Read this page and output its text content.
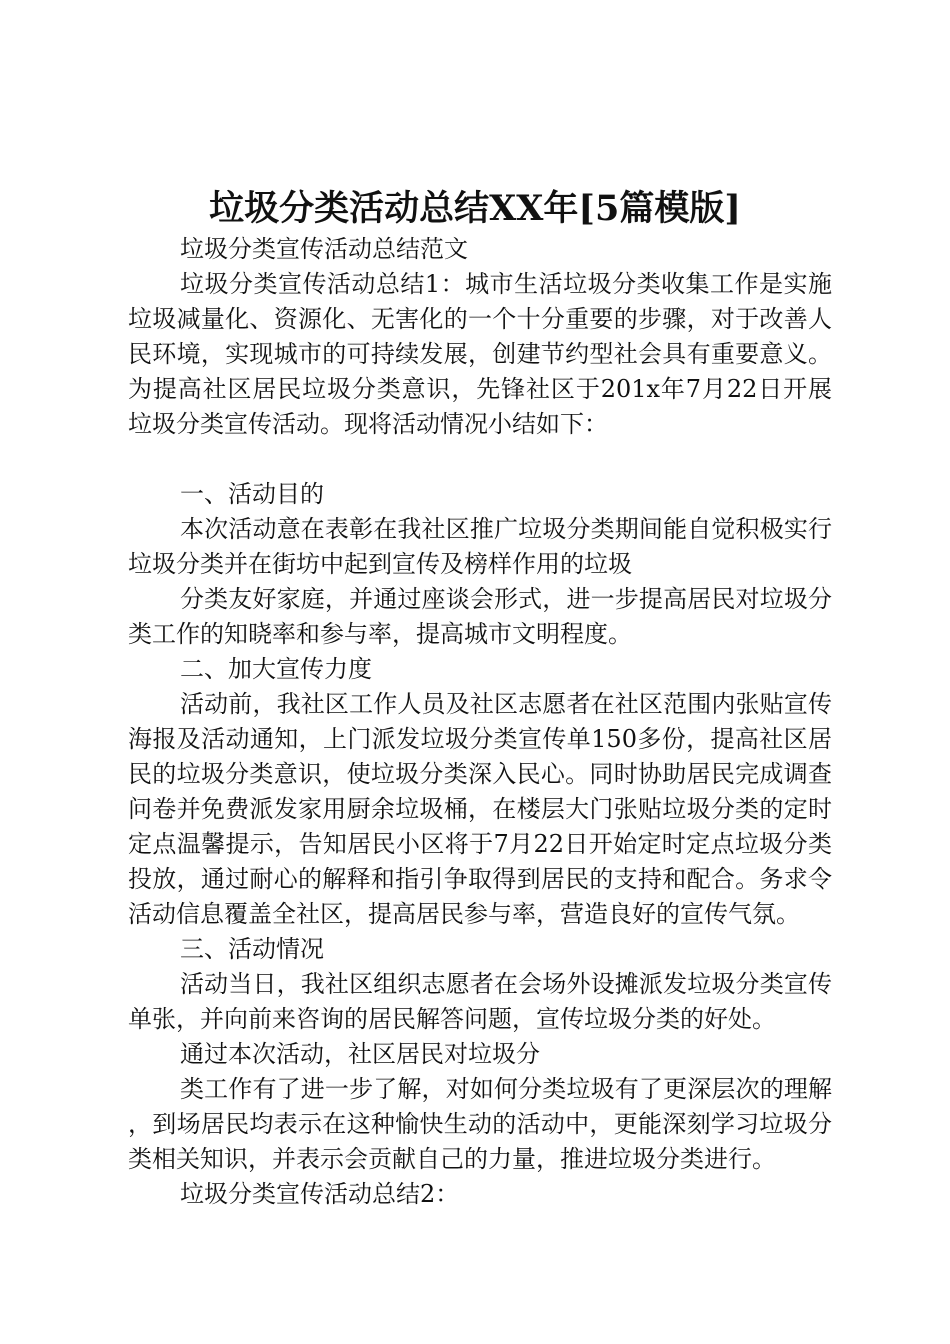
垃圾分类活动总结XX年[5篇模版]

垃圾分类宣传活动总结范文

垃圾分类宣传活动总结1：城市生活垃圾分类收集工作是实施垃圾减量化、资源化、无害化的一个十分重要的步骤，对于改善人民环境，实现城市的可持续发展，创建节约型社会具有重要意义。为提高社区居民垃圾分类意识，先锋社区于201x年7月22日开展垃圾分类宣传活动。现将活动情况小结如下：

一、活动目的

本次活动意在表彰在我社区推广垃圾分类期间能自觉积极实行垃圾分类并在街坊中起到宣传及榜样作用的垃圾

分类友好家庭，并通过座谈会形式，进一步提高居民对垃圾分类工作的知晓率和参与率，提高城市文明程度。

二、加大宣传力度

活动前，我社区工作人员及社区志愿者在社区范围内张贴宣传海报及活动通知，上门派发垃圾分类宣传单150多份，提高社区居民的垃圾分类意识，使垃圾分类深入民心。同时协助居民完成调查问卷并免费派发家用厨余垃圾桶，在楼层大门张贴垃圾分类的定时定点温馨提示，告知居民小区将于7月22日开始定时定点垃圾分类投放，通过耐心的解释和指引争取得到居民的支持和配合。务求令活动信息覆盖全社区，提高居民参与率，营造良好的宣传气氛。

三、活动情况

活动当日，我社区组织志愿者在会场外设摊派发垃圾分类宣传单张，并向前来咨询的居民解答问题，宣传垃圾分类的好处。

通过本次活动，社区居民对垃圾分

类工作有了进一步了解，对如何分类垃圾有了更深层次的理解，到场居民均表示在这种愉快生动的活动中，更能深刻学习垃圾分类相关知识，并表示会贡献自己的力量，推进垃圾分类进行。

垃圾分类宣传活动总结2：
